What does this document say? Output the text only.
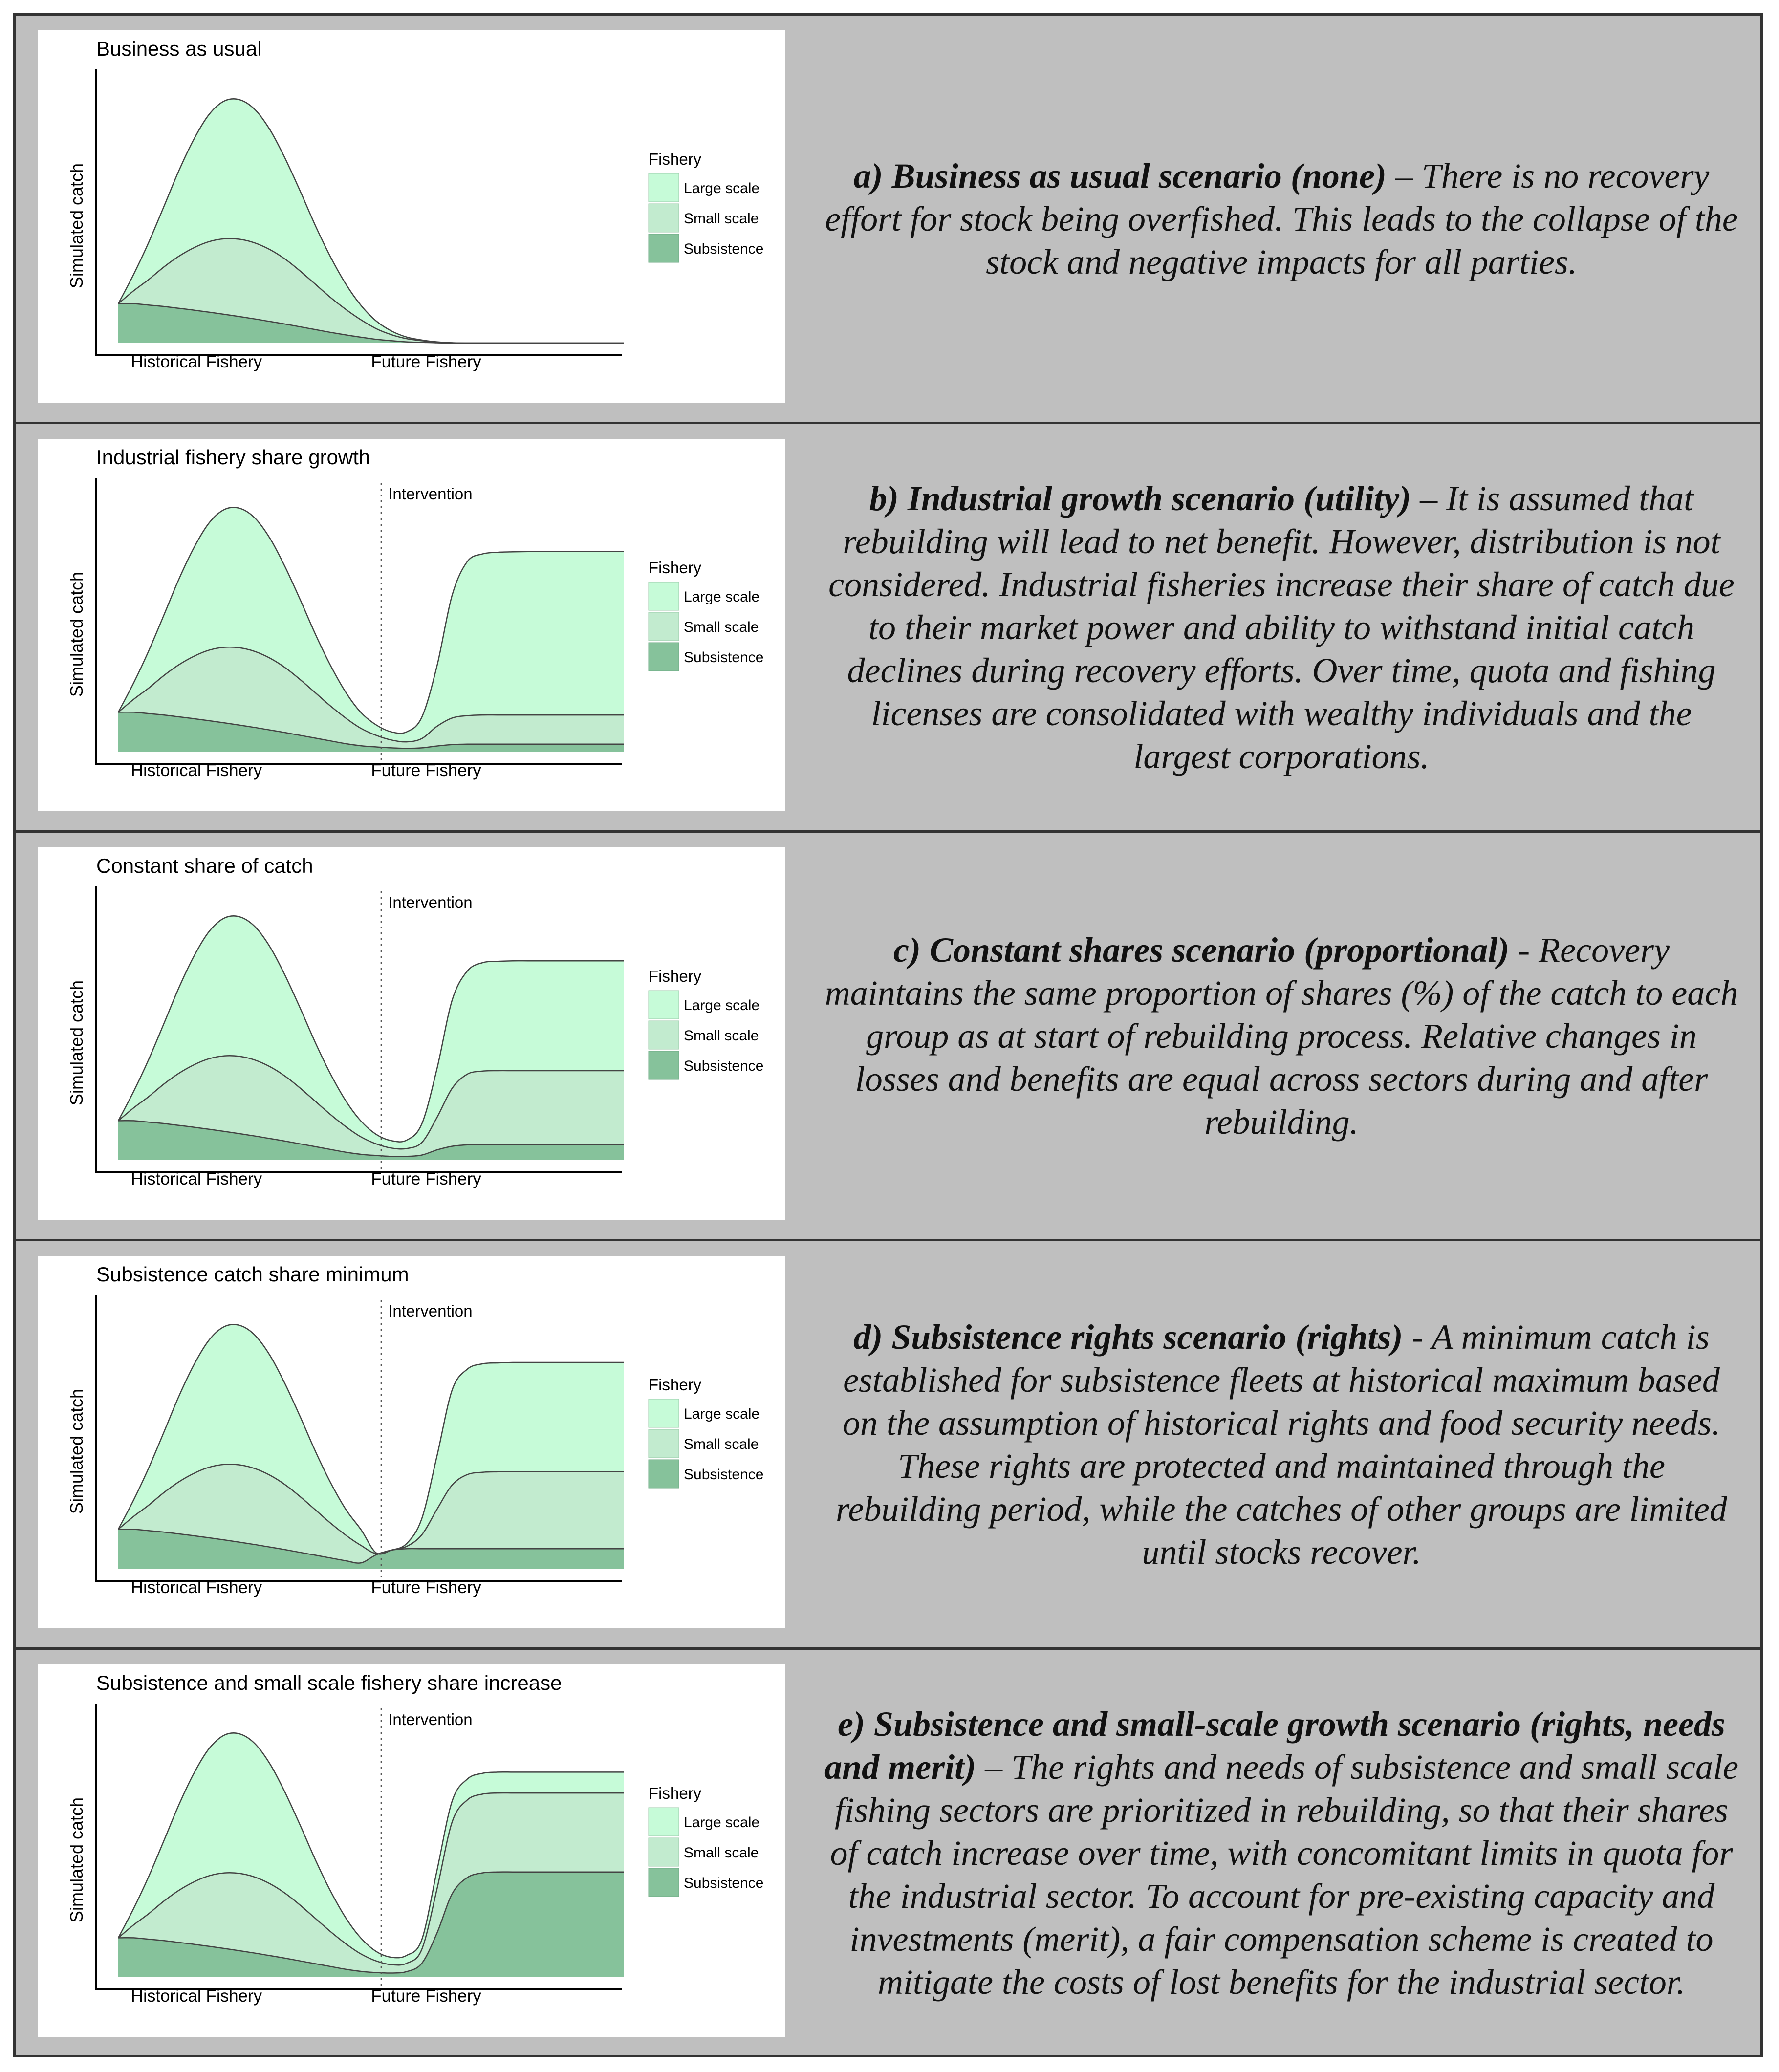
Business as usual
Simulated catch
Historical Fishery	Future Fishery
Fishery
Large scale
Small scale
Subsistence

a) Business as usual scenario (none) – There is no recovery effort for stock being overfished. This leads to the collapse of the stock and negative impacts for all parties.

Industrial fishery share growth
Simulated catch
Historical Fishery	Future Fishery
Intervention
Fishery
Large scale
Small scale
Subsistence

b) Industrial growth scenario (utility) – It is assumed that rebuilding will lead to net benefit. However, distribution is not considered. Industrial fisheries increase their share of catch due to their market power and ability to withstand initial catch declines during recovery efforts. Over time, quota and fishing licenses are consolidated with wealthy individuals and the largest corporations.

Constant share of catch
Simulated catch
Historical Fishery	Future Fishery
Intervention
Fishery
Large scale
Small scale
Subsistence

c) Constant shares scenario (proportional) - Recovery maintains the same proportion of shares (%) of the catch to each group as at start of rebuilding process. Relative changes in losses and benefits are equal across sectors during and after rebuilding.

Subsistence catch share minimum
Simulated catch
Historical Fishery	Future Fishery
Intervention
Fishery
Large scale
Small scale
Subsistence

d) Subsistence rights scenario (rights) - A minimum catch is established for subsistence fleets at historical maximum based on the assumption of historical rights and food security needs. These rights are protected and maintained through the rebuilding period, while the catches of other groups are limited until stocks recover.

Subsistence and small scale fishery share increase
Simulated catch
Historical Fishery	Future Fishery
Intervention
Fishery
Large scale
Small scale
Subsistence

e) Subsistence and small-scale growth scenario (rights, needs and merit) – The rights and needs of subsistence and small scale fishing sectors are prioritized in rebuilding, so that their shares of catch increase over time, with concomitant limits in quota for the industrial sector. To account for pre-existing capacity and investments (merit), a fair compensation scheme is created to mitigate the costs of lost benefits for the industrial sector.
